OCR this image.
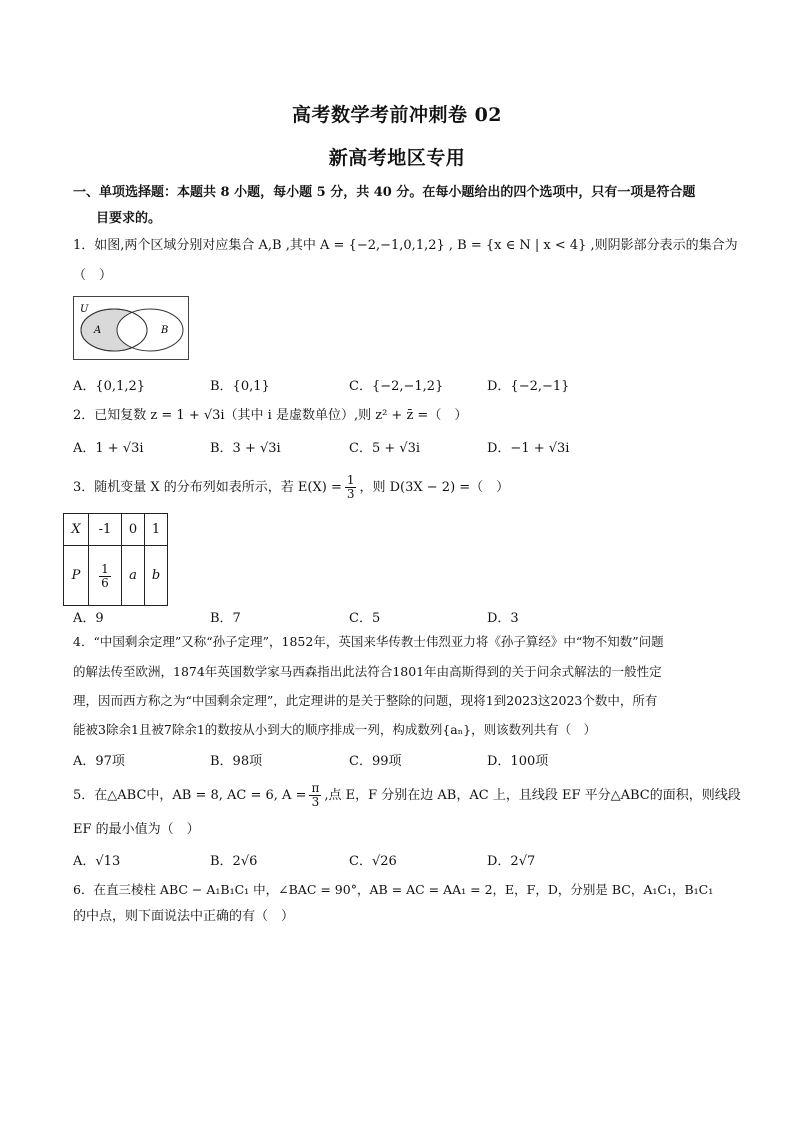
高考数学考前冲刺卷 02
新高考地区专用
一、单项选择题：本题共 8 小题，每小题 5 分，共 40 分。在每小题给出的四个选项中，只有一项是符合题
目要求的。
1．如图,两个区域分别对应集合 A,B ,其中 A = {−2,−1,0,1,2} , B = {x ∈ N | x < 4} ,则阴影部分表示的集合为
（　）
U
A	B
A．{0,1,2}	B．{0,1}	C．{−2,−1,2}	D．{−2,−1}
2．已知复数 z = 1 + √3i（其中 i 是虚数单位）,则 z² + z̄ =（　）
A．1 + √3i	B．3 + √3i	C．5 + √3i	D．−1 + √3i
3．随机变量 X 的分布列如表所示，若 $E(X) = \frac{1}{3}$ ，则 D(3X − 2) =（　）
X	-1	0	1
P	$\frac{1}{6}$	a	b
A．9	B．7	C．5	D．3
4．“中国剩余定理”又称“孙子定理”，1852年，英国来华传教士伟烈亚力将《孙子算经》中“物不知数”问题
的解法传至欧洲，1874年英国数学家马西森指出此法符合1801年由高斯得到的关于问余式解法的一般性定
理，因而西方称之为“中国剩余定理”，此定理讲的是关于整除的问题，现将1到2023这2023个数中，所有
能被3除余1且被7除余1的数按从小到大的顺序排成一列，构成数列{aₙ}，则该数列共有（　）
A．97项	B．98项	C．99项	D．100项
5．在△ABC中，AB = 8, AC = 6, $A = \frac{\pi}{3}$ ,点 E，F 分别在边 AB，AC 上，且线段 EF 平分△ABC的面积，则线段
EF 的最小值为（　）
A．√13	B．2√6	C．√26	D．2√7
6．在直三棱柱 ABC − A₁B₁C₁ 中，∠BAC = 90°，AB = AC = AA₁ = 2，E，F，D，分别是 BC，A₁C₁，B₁C₁
的中点，则下面说法中正确的有（　）
